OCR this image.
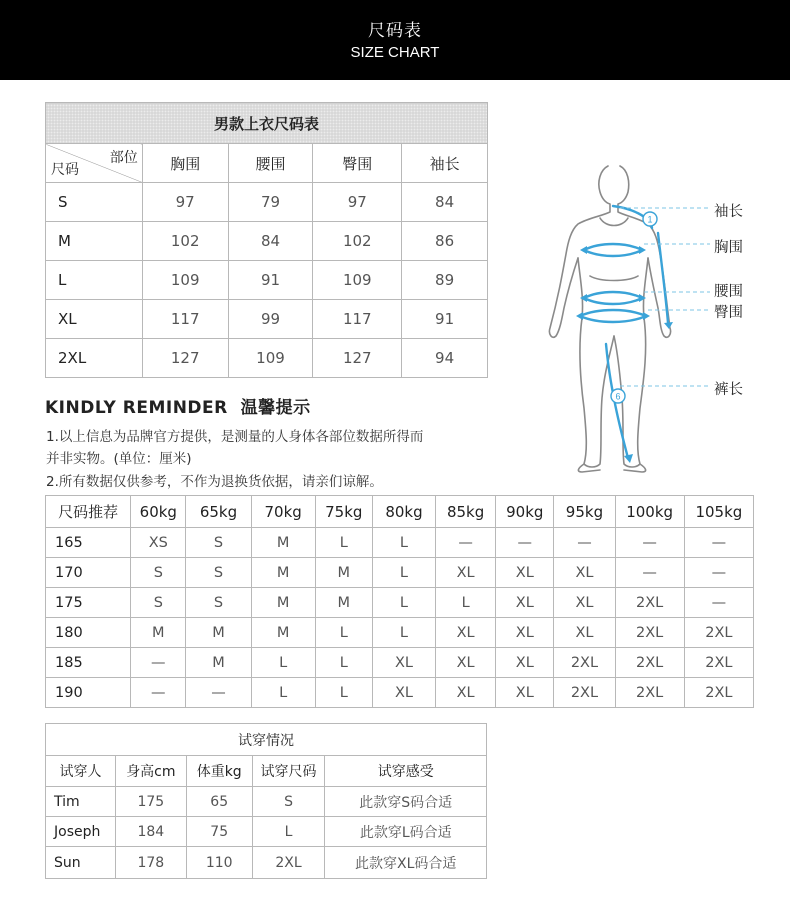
尺码表
SIZE CHART
男款上衣尺码表				

部位
尺码	胸围	腰围	臀围	袖长
S	97	79	97	84
M	102	84	102	86
L	109	91	109	89
XL	117	99	117	91
2XL	127	109	127	94
1
6
袖长
胸围
腰围
臀围
裤长
KINDLY REMINDER  温馨提示
1.以上信息为品牌官方提供，是测量的人身体各部位数据所得而
并非实物。(单位：厘米)
2.所有数据仅供参考，不作为退换货依据，请亲们谅解。
尺码推荐	60kg	65kg	70kg	75kg	80kg	85kg	90kg	95kg	100kg	105kg
165	XS	S	M	L	L	—	—	—	—	—
170	S	S	M	M	L	XL	XL	XL	—	—
175	S	S	M	M	L	L	XL	XL	2XL	—
180	M	M	M	L	L	XL	XL	XL	2XL	2XL
185	—	M	L	L	XL	XL	XL	2XL	2XL	2XL
190	—	—	L	L	XL	XL	XL	2XL	2XL	2XL
试穿情况				
试穿人	身高cm	体重kg	试穿尺码	试穿感受
Tim	175	65	S	此款穿S码合适
Joseph	184	75	L	此款穿L码合适
Sun	178	110	2XL	此款穿XL码合适
